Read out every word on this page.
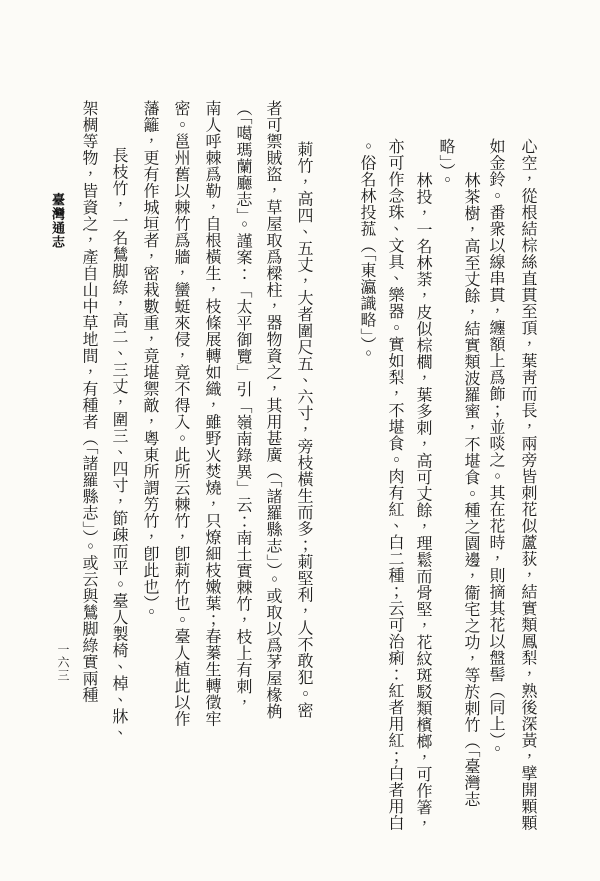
臺灣通志	心空，從根結棕絲直貫至頂，葉靑而長，兩旁皆刺花似蘆荻，結實類鳳梨，熟後深黃，擘開顆顆
如金鈴。番衆以線串貫，纏額上爲飾；並啖之。其在花時，則摘其花以盤髻（同上）。
林茶樹，高至丈餘，結實類波羅蜜，不堪食。種之園邊，衞宅之功，等於刺竹（「臺灣志
略」）。
林投，一名林荼，皮似棕櫚，葉多刺，高可丈餘，理鬆而骨堅，花紋斑駁類檳榔，可作箸，
亦可作念珠、文具、樂器。實如梨，不堪食。肉有紅、白二種；云可治痢：紅者用紅；白者用白
。俗名林投菰（「東瀛識略」）。
莿竹，高四、五丈，大者圍尺五、六寸，旁枝橫生而多；莿堅利，人不敢犯。密
者可禦賊盜，草屋取爲樑柱，器物資之，其用甚廣（「諸羅縣志」）。或取以爲茅屋椽桷
（「噶瑪蘭廳志」。謹案：「太平御覽」引「嶺南錄異」云：南土實棘竹，枝上有刺，
南人呼棘爲勒，自根橫生，枝條展轉如織，雖野火焚燒，只燎細枝嫩葉；春蓁生轉徵牢
密。邕州舊以棘竹爲牆，蠻蜓來侵，竟不得入。此所云棘竹，卽莿竹也。臺人植此以作
藩籬，更有作城垣者，密栽數重，竟堪禦敵，粵東所謂竻竹，卽此也）。
長枝竹，一名鷥脚綠，高二、三丈，圍三、四寸，節疎而平。臺人製椅、棹、牀、
架椆等物，皆資之，產自山中草地間，有種者（「諸羅縣志」）。或云與鷥脚綠實兩種
一六三
